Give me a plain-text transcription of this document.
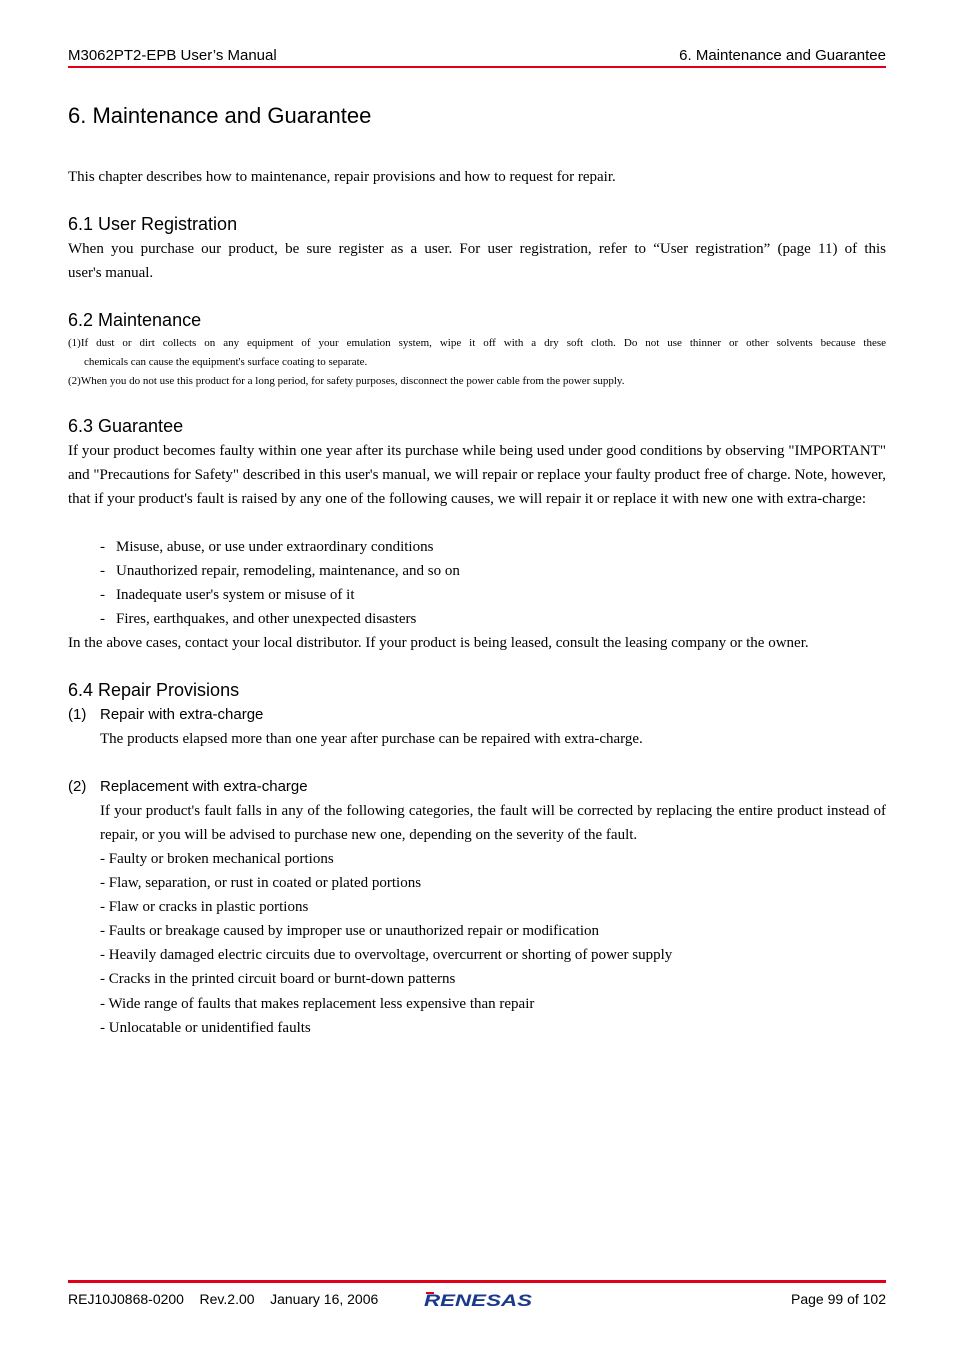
M3062PT2-EPB User’s Manual	6. Maintenance and Guarantee
6. Maintenance and Guarantee
This chapter describes how to maintenance, repair provisions and how to request for repair.
6.1 User Registration
When you purchase our product, be sure register as a user. For user registration, refer to “User registration” (page 11) of this
user's manual.
6.2 Maintenance
(1)If dust or dirt collects on any equipment of your emulation system, wipe it off with a dry soft cloth. Do not use thinner or other solvents because these
chemicals can cause the equipment's surface coating to separate.
(2)When you do not use this product for a long period, for safety purposes, disconnect the power cable from the power supply.
6.3 Guarantee
If your product becomes faulty within one year after its purchase while being used under good conditions by observing "IMPORTANT" and "Precautions for Safety" described in this user's manual, we will repair or replace your faulty product free of charge. Note, however, that if your product's fault is raised by any one of the following causes, we will repair it or replace it with new one with extra-charge:
- Misuse, abuse, or use under extraordinary conditions
- Unauthorized repair, remodeling, maintenance, and so on
- Inadequate user's system or misuse of it
- Fires, earthquakes, and other unexpected disasters
In the above cases, contact your local distributor. If your product is being leased, consult the leasing company or the owner.
6.4 Repair Provisions
(1) Repair with extra-charge
The products elapsed more than one year after purchase can be repaired with extra-charge.
(2) Replacement with extra-charge
If your product's fault falls in any of the following categories, the fault will be corrected by replacing the entire product instead of repair, or you will be advised to purchase new one, depending on the severity of the fault.
- Faulty or broken mechanical portions
- Flaw, separation, or rust in coated or plated portions
- Flaw or cracks in plastic portions
- Faults or breakage caused by improper use or unauthorized repair or modification
- Heavily damaged electric circuits due to overvoltage, overcurrent or shorting of power supply
- Cracks in the printed circuit board or burnt-down patterns
- Wide range of faults that makes replacement less expensive than repair
- Unlocatable or unidentified faults
REJ10J0868-0200    Rev.2.00    January 16, 2006	RENESAS	Page 99 of 102
